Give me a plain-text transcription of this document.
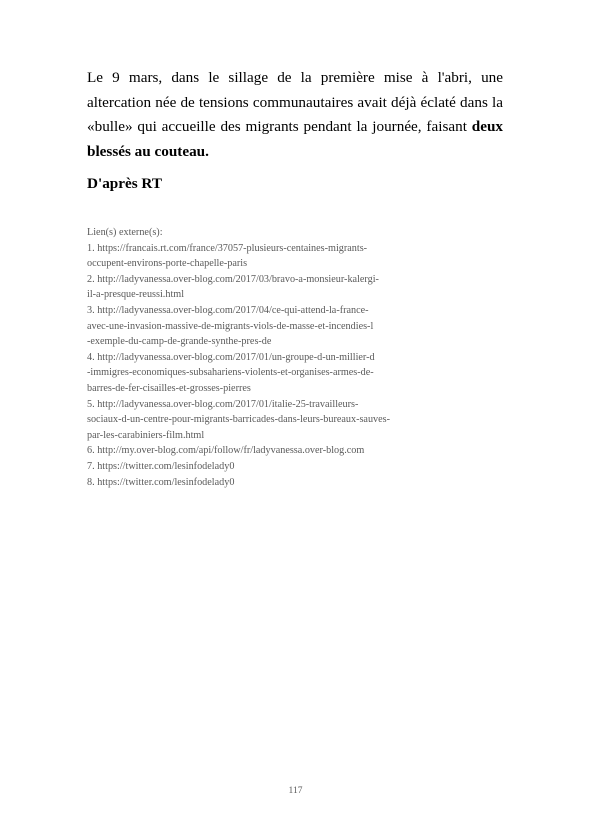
Le 9 mars, dans le sillage de la première mise à l'abri, une altercation née de tensions communautaires avait déjà éclaté dans la «bulle» qui accueille des migrants pendant la journée, faisant deux blessés au couteau.

D'après RT

Lien(s) externe(s):
1. https://francais.rt.com/france/37057-plusieurs-centaines-migrants-
occupent-environs-porte-chapelle-paris
2. http://ladyvanessa.over-blog.com/2017/03/bravo-a-monsieur-kalergi-
il-a-presque-reussi.html
3. http://ladyvanessa.over-blog.com/2017/04/ce-qui-attend-la-france-
avec-une-invasion-massive-de-migrants-viols-de-masse-et-incendies-l
-exemple-du-camp-de-grande-synthe-pres-de
4. http://ladyvanessa.over-blog.com/2017/01/un-groupe-d-un-millier-d
-immigres-economiques-subsahariens-violents-et-organises-armes-de-
barres-de-fer-cisailles-et-grosses-pierres
5. http://ladyvanessa.over-blog.com/2017/01/italie-25-travailleurs-
sociaux-d-un-centre-pour-migrants-barricades-dans-leurs-bureaux-sauves-
par-les-carabiniers-film.html
6. http://my.over-blog.com/api/follow/fr/ladyvanessa.over-blog.com
7. https://twitter.com/lesinfodelady0
8. https://twitter.com/lesinfodelady0
117
